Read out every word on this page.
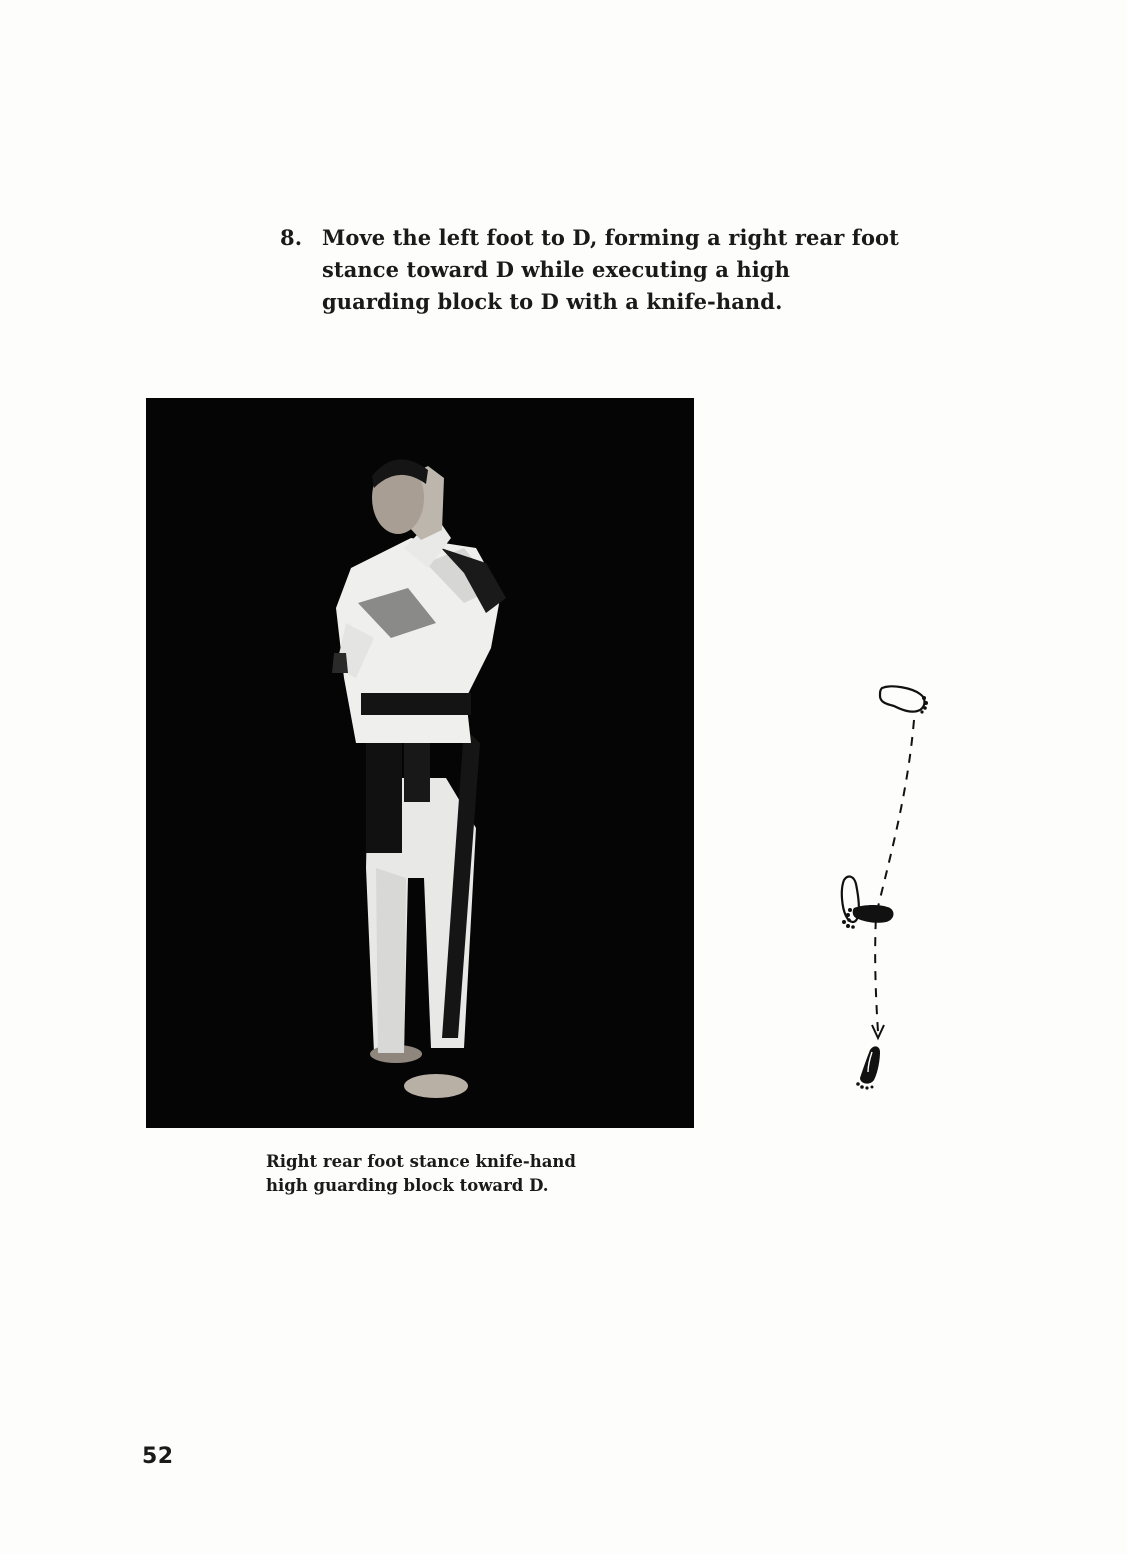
8. Move the left foot to D, forming a right rear foot stance toward D while executing a high guarding block to D with a knife-hand.
Right rear foot stance knife-hand
high guarding block toward D.
52
